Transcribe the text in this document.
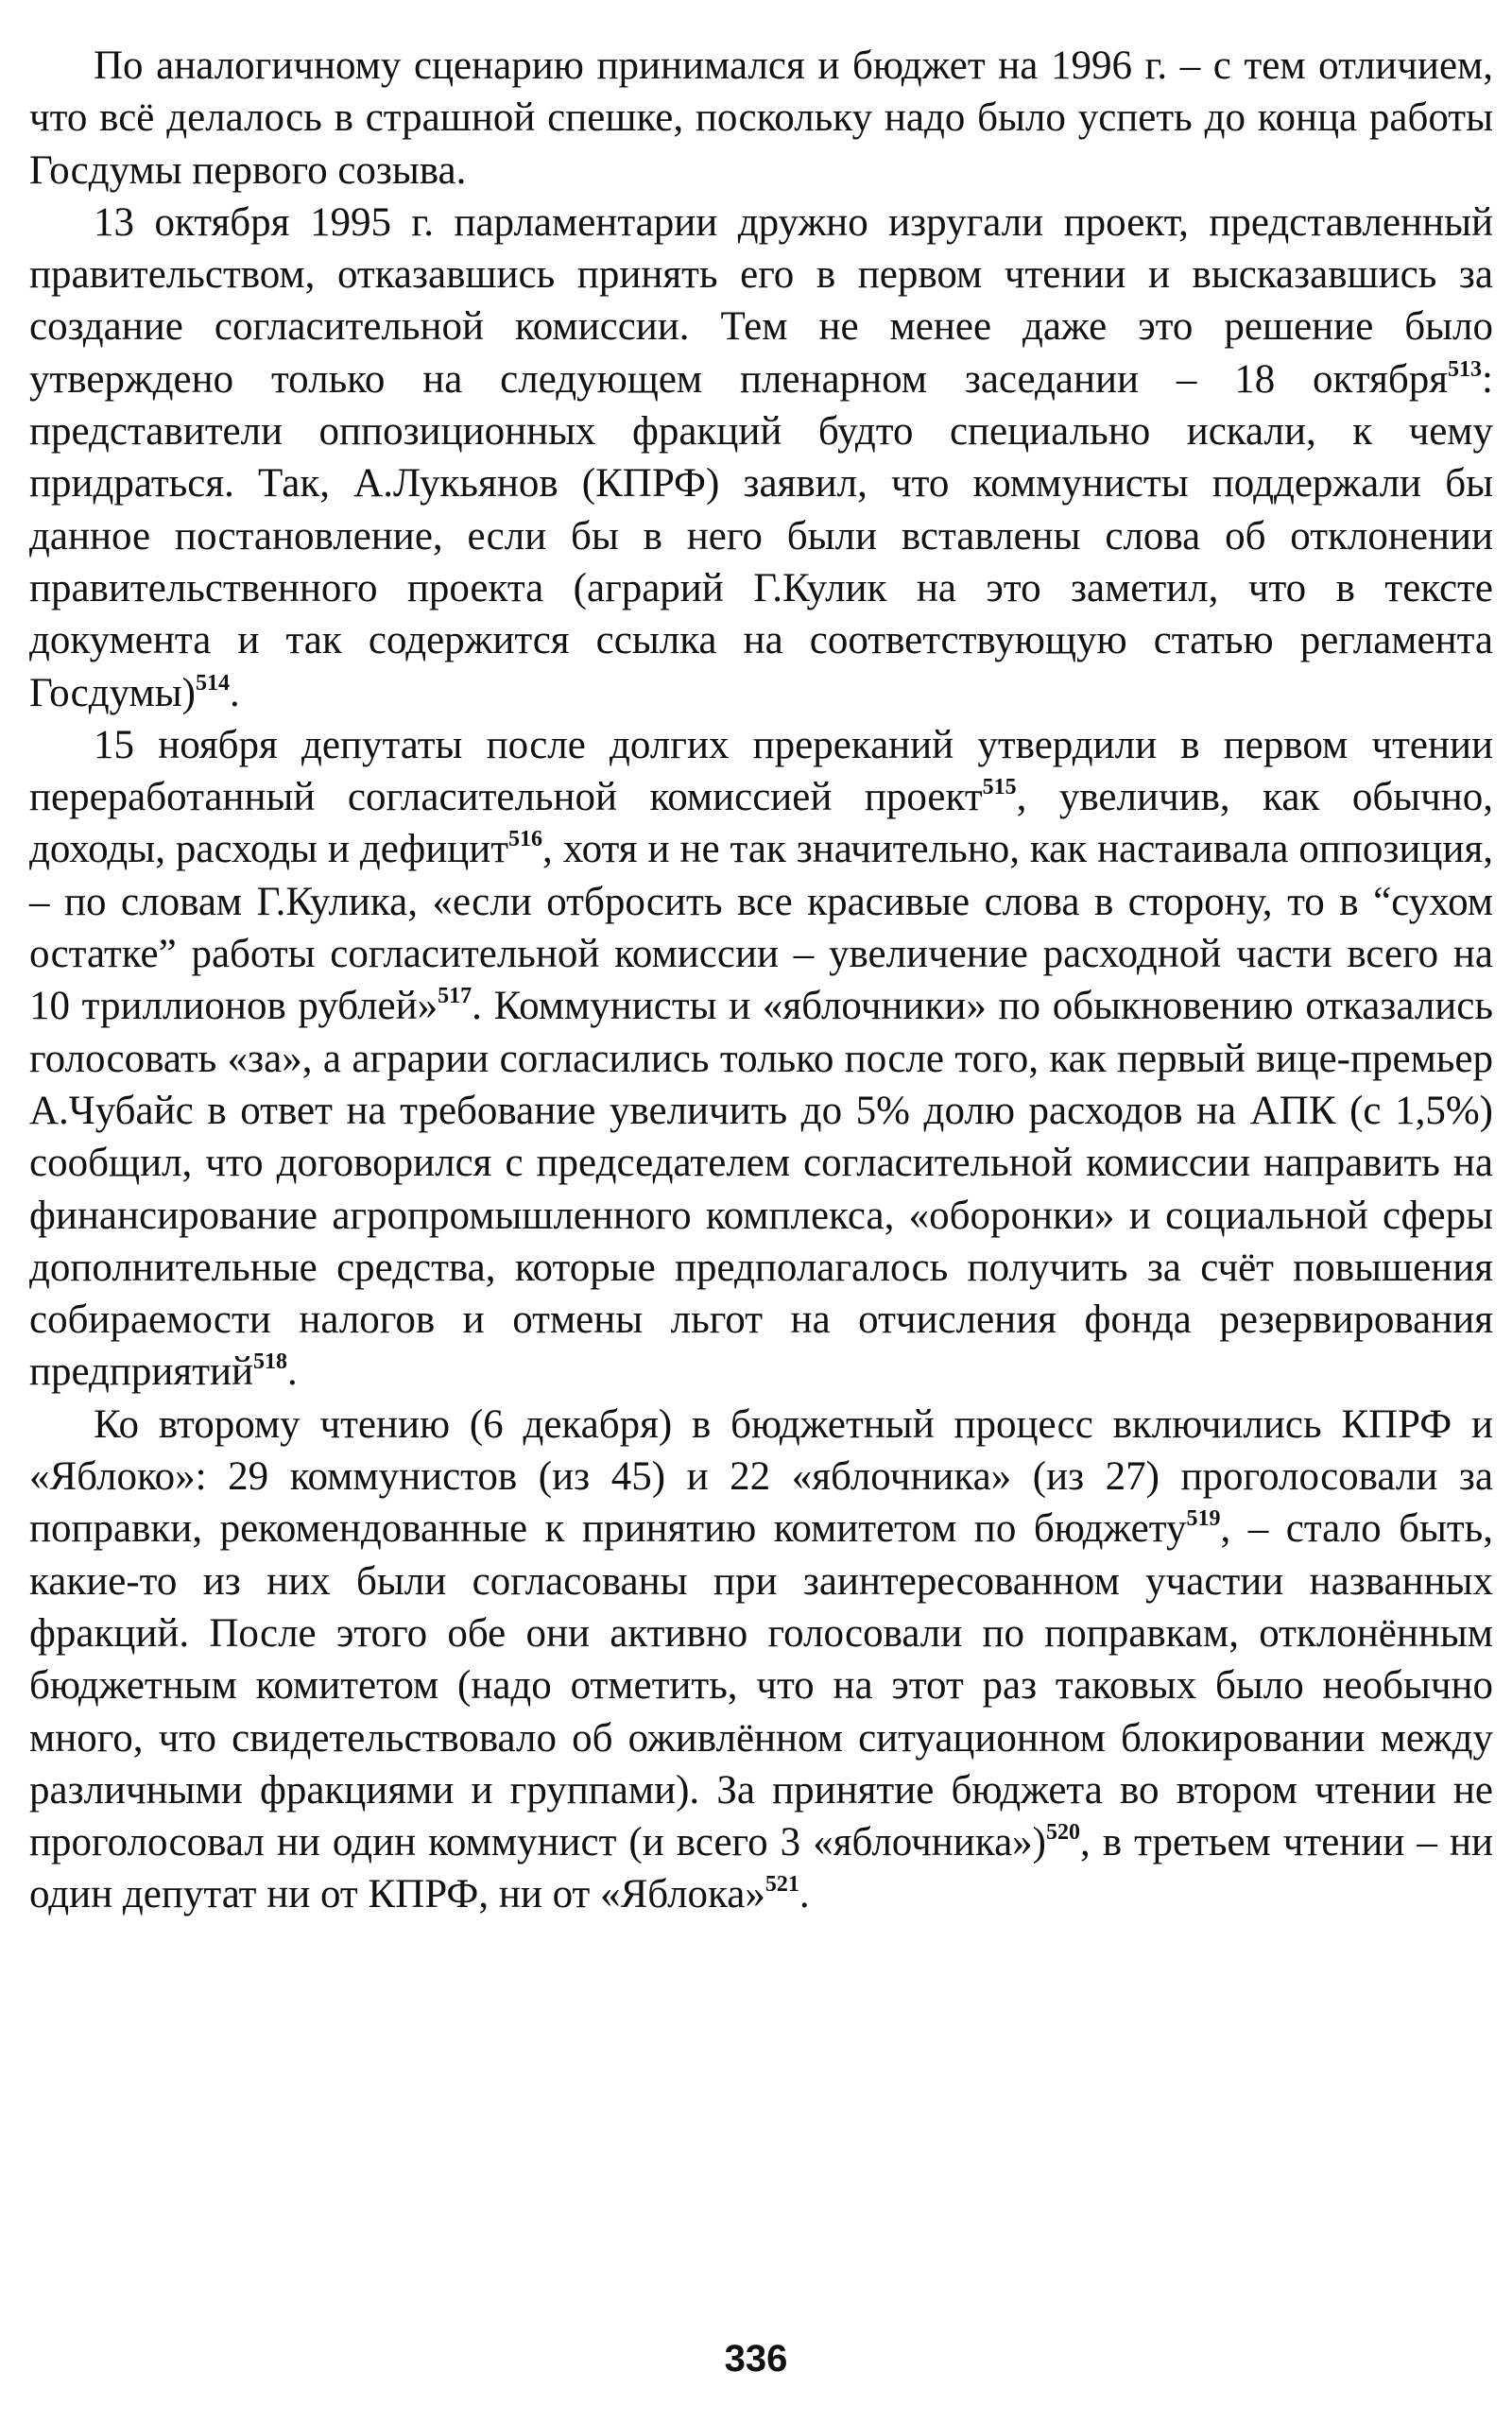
По аналогичному сценарию принимался и бюджет на 1996 г. – с тем отличием, что всё делалось в страшной спешке, поскольку надо было успеть до конца работы Госдумы первого созыва.

13 октября 1995 г. парламентарии дружно изругали проект, представленный правительством, отказавшись принять его в первом чтении и высказавшись за создание согласительной комиссии. Тем не менее даже это решение было утверждено только на следующем пленарном заседании – 18 октября$^{513}$: представители оппозиционных фракций будто специально искали, к чему придраться. Так, А.Лукьянов (КПРФ) заявил, что коммунисты поддержали бы данное постановление, если бы в него были вставлены слова об отклонении правительственного проекта (аграрий Г.Кулик на это заметил, что в тексте документа и так содержится ссылка на соответствующую статью регламента Госдумы)$^{514}$.

15 ноября депутаты после долгих пререканий утвердили в первом чтении переработанный согласительной комиссией проект$^{515}$, увеличив, как обычно, доходы, расходы и дефицит$^{516}$, хотя и не так значительно, как настаивала оппозиция, – по словам Г.Кулика, «если отбросить все красивые слова в сторону, то в “сухом остатке” работы согласительной комиссии – увеличение расходной части всего на 10 триллионов рублей»$^{517}$. Коммунисты и «яблочники» по обыкновению отказались голосовать «за», а аграрии согласились только после того, как первый вице-премьер А.Чубайс в ответ на требование увеличить до 5% долю расходов на АПК (с 1,5%) сообщил, что договорился с председателем согласительной комиссии направить на финансирование агропромышленного комплекса, «оборонки» и социальной сферы дополнительные средства, которые предполагалось получить за счёт повышения собираемости налогов и отмены льгот на отчисления фонда резервирования предприятий$^{518}$.

Ко второму чтению (6 декабря) в бюджетный процесс включились КПРФ и «Яблоко»: 29 коммунистов (из 45) и 22 «яблочника» (из 27) проголосовали за поправки, рекомендованные к принятию комитетом по бюджету$^{519}$, – стало быть, какие-то из них были согласованы при заинтересованном участии названных фракций. После этого обе они активно голосовали по поправкам, отклонённым бюджетным комитетом (надо отметить, что на этот раз таковых было необычно много, что свидетельствовало об оживлённом ситуационном блокировании между различными фракциями и группами). За принятие бюджета во втором чтении не проголосовал ни один коммунист (и всего 3 «яблочника»)$^{520}$, в третьем чтении – ни один депутат ни от КПРФ, ни от «Яблока»$^{521}$.

336
